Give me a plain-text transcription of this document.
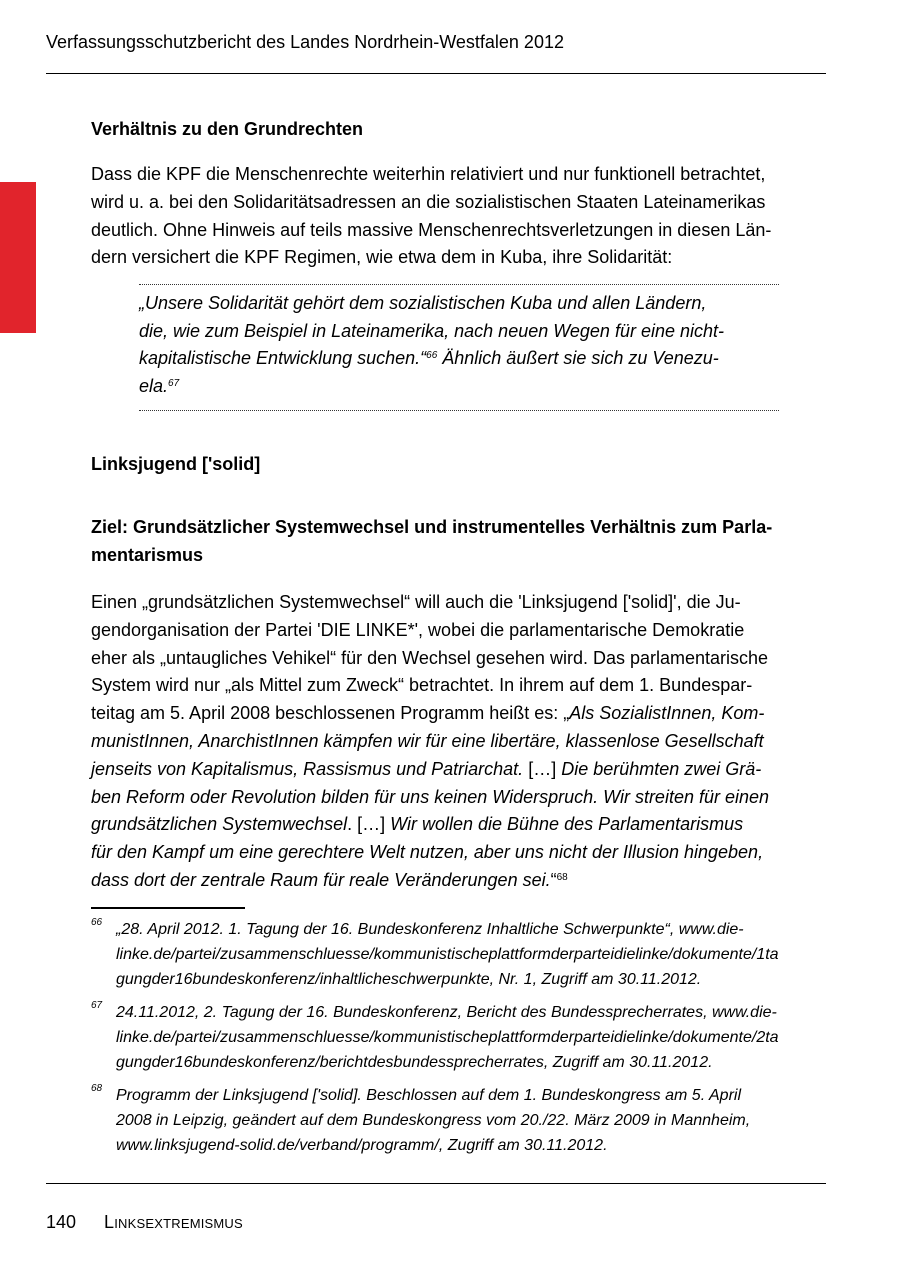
Verfassungsschutzbericht des Landes Nordrhein-Westfalen 2012
Verhältnis zu den Grundrechten
Dass die KPF die Menschenrechte weiterhin relativiert und nur funktionell betrachtet,
wird u. a. bei den Solidaritätsadressen an die sozialistischen Staaten Lateinamerikas
deutlich. Ohne Hinweis auf teils massive Menschenrechtsverletzungen in diesen Län-
dern versichert die KPF Regimen, wie etwa dem in Kuba, ihre Solidarität:
„Unsere Solidarität gehört dem sozialistischen Kuba und allen Ländern,
die, wie zum Beispiel in Lateinamerika, nach neuen Wegen für eine nicht-
kapitalistische Entwicklung suchen.“$^{66}$ Ähnlich äußert sie sich zu Venezu-
ela.$^{67}$
Linksjugend ['solid]
Ziel: Grundsätzlicher Systemwechsel und instrumentelles Verhältnis zum Parla-
mentarismus
Einen „grundsätzlichen Systemwechsel“ will auch die 'Linksjugend ['solid]', die Ju-
gendorganisation der Partei 'DIE LINKE*', wobei die parlamentarische Demokratie
eher als „untaugliches Vehikel“ für den Wechsel gesehen wird. Das parlamentarische
System wird nur „als Mittel zum Zweck“ betrachtet. In ihrem auf dem 1. Bundespar-
teitag am 5. April 2008 beschlossenen Programm heißt es: „Als SozialistInnen, Kom-
munistInnen, AnarchistInnen kämpfen wir für eine libertäre, klassenlose Gesellschaft
jenseits von Kapitalismus, Rassismus und Patriarchat. […] Die berühmten zwei Grä-
ben Reform oder Revolution bilden für uns keinen Widerspruch. Wir streiten für einen
grundsätzlichen Systemwechsel. […] Wir wollen die Bühne des Parlamentarismus
für den Kampf um eine gerechtere Welt nutzen, aber uns nicht der Illusion hingeben,
dass dort der zentrale Raum für reale Veränderungen sei.“$^{68}$
66 „28. April 2012. 1. Tagung der 16. Bundeskonferenz Inhaltliche Schwerpunkte“, www.die-
linke.de/partei/zusammenschluesse/kommunistischeplattformderparteidielinke/dokumente/1ta
gungder16bundeskonferenz/inhaltlicheschwerpunkte, Nr. 1, Zugriff am 30.11.2012.
67 24.11.2012, 2. Tagung der 16. Bundeskonferenz, Bericht des Bundessprecherrates, www.die-
linke.de/partei/zusammenschluesse/kommunistischeplattformderparteidielinke/dokumente/2ta
gungder16bundeskonferenz/berichtdesbundessprecherrates, Zugriff am 30.11.2012.
68 Programm der Linksjugend ['solid]. Beschlossen auf dem 1. Bundeskongress am 5. April
2008 in Leipzig, geändert auf dem Bundeskongress vom 20./22. März 2009 in Mannheim,
www.linksjugend-solid.de/verband/programm/, Zugriff am 30.11.2012.
140 Linksextremismus
